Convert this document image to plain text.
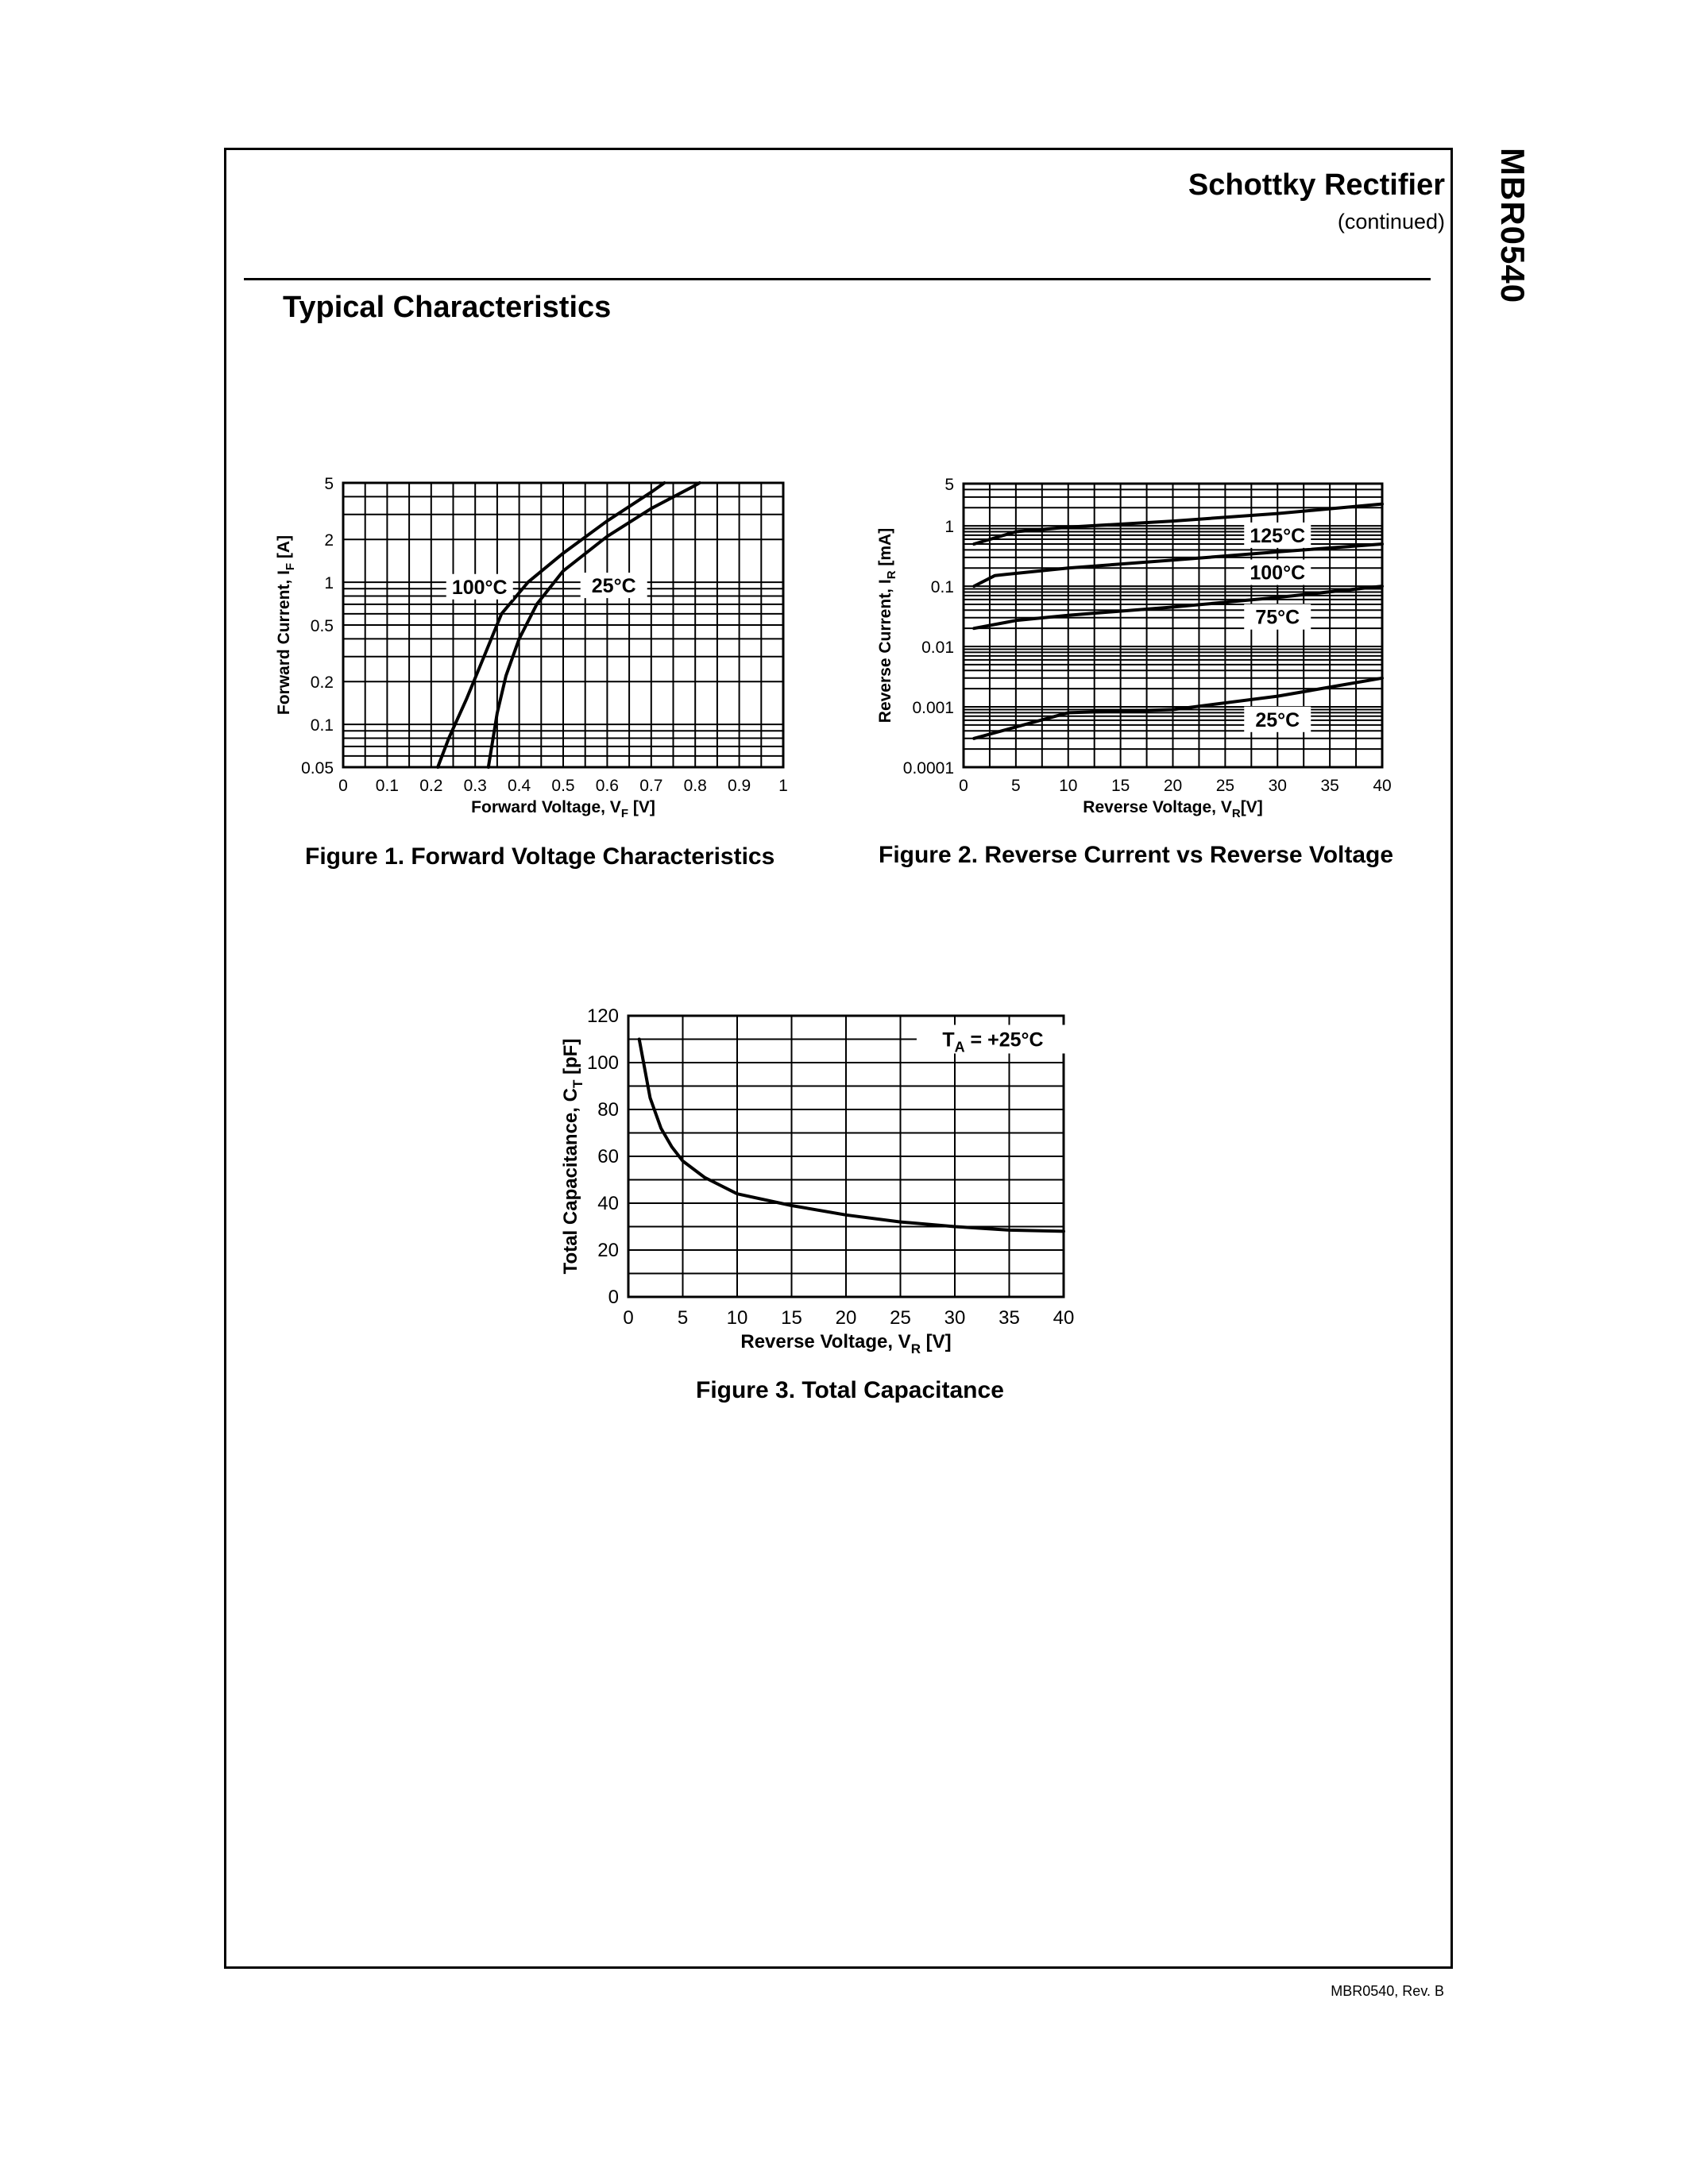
MBR0540
Schottky Rectifier
(continued)
Typical Characteristics
0 0.1 0.2 0.3 0.4 0.5 0.6 0.7 0.8 0.9 1
0.05
0.1
0.2
0.5
1
2
5
Forward Voltage, $V_F$ [V]
Forward Current, $I_F$ [A]
100°C	25°C
0	5 10 15 20 25 30 35 40
0.0001
0.001
0.01
0.1
1
5
Reverse Voltage, $V_R[V]$
Reverse Current, $I_R$ [mA]	125°C
100°C
75°C
25°C
0 5 10 15 20 25 30 35 40
0
20
40
60
80
100
120
Reverse Voltage, $V_R$ [V]
Total Capacitance, $C_T$ [pF]	$T_A = +25^\circ C$
Figure 1. Forward Voltage Characteristics	Figure 2. Reverse Current vs Reverse Voltage
Figure 3. Total Capacitance
MBR0540, Rev. B
